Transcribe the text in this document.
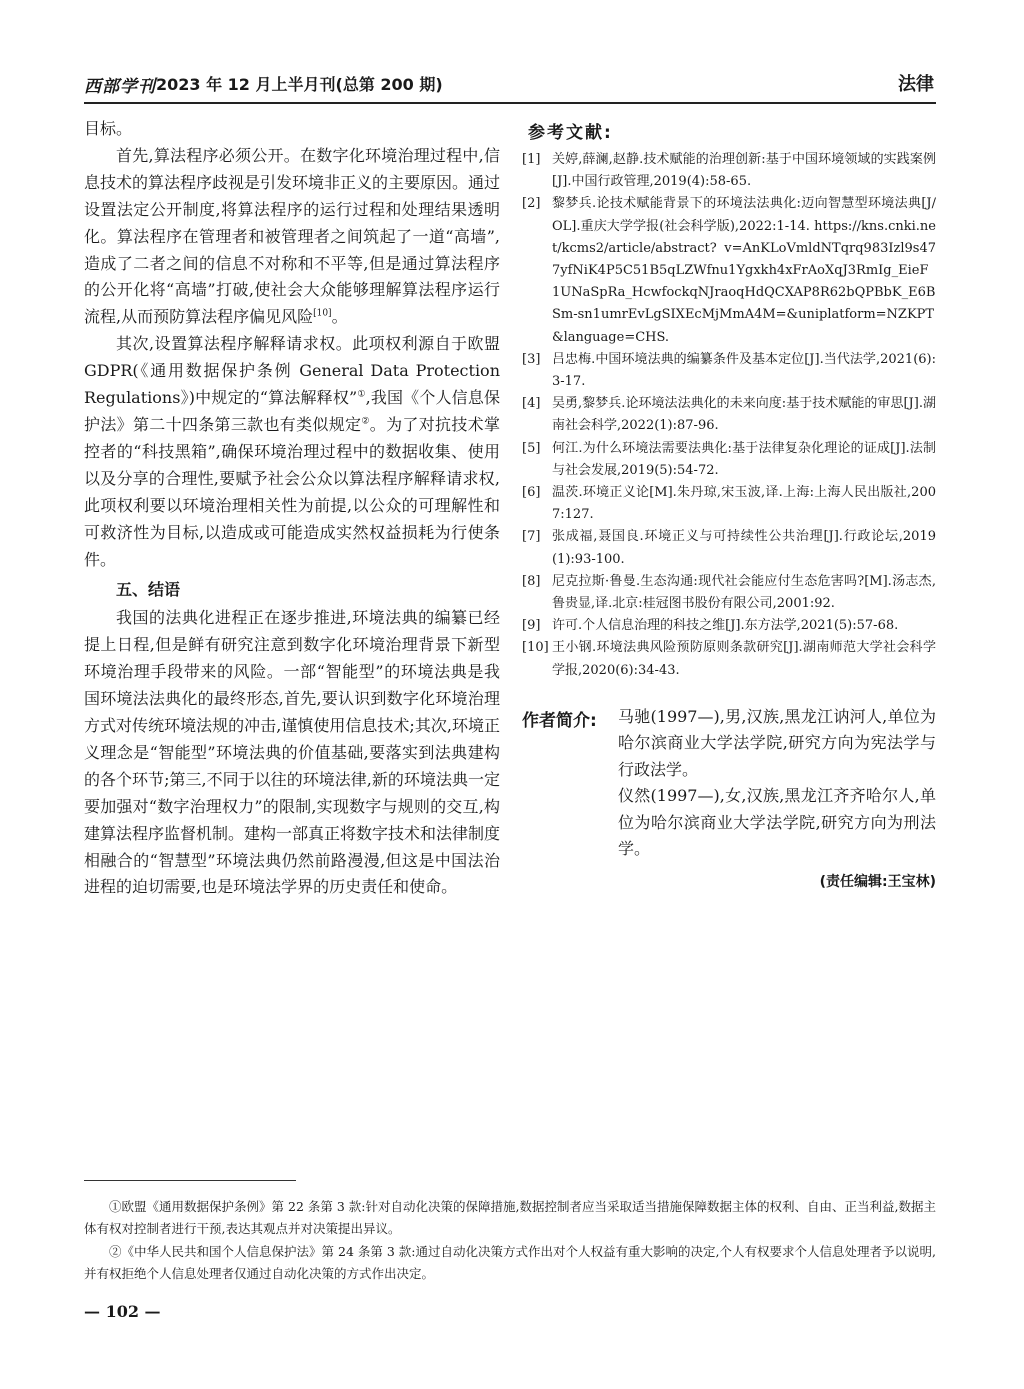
西部学刊 2023 年 12 月上半月刊(总第 200 期)	法律

目标。

首先,算法程序必须公开。在数字化环境治理过程中,信息技术的算法程序歧视是引发环境非正义的主要原因。通过设置法定公开制度,将算法程序的运行过程和处理结果透明化。算法程序在管理者和被管理者之间筑起了一道“高墙”,造成了二者之间的信息不对称和不平等,但是通过算法程序的公开化将“高墙”打破,使社会大众能够理解算法程序运行流程,从而预防算法程序偏见风险[10]。

其次,设置算法程序解释请求权。此项权利源自于欧盟 GDPR(《通用数据保护条例 General Data Protection Regulations》)中规定的“算法解释权”①,我国《个人信息保护法》第二十四条第三款也有类似规定②。为了对抗技术掌控者的“科技黑箱”,确保环境治理过程中的数据收集、使用以及分享的合理性,要赋予社会公众以算法程序解释请求权,此项权利要以环境治理相关性为前提,以公众的可理解性和可救济性为目标,以造成或可能造成实然权益损耗为行使条件。

五、结语

我国的法典化进程正在逐步推进,环境法典的编纂已经提上日程,但是鲜有研究注意到数字化环境治理背景下新型环境治理手段带来的风险。一部“智能型”的环境法典是我国环境法法典化的最终形态,首先,要认识到数字化环境治理方式对传统环境法规的冲击,谨慎使用信息技术;其次,环境正义理念是“智能型”环境法典的价值基础,要落实到法典建构的各个环节;第三,不同于以往的环境法律,新的环境法典一定要加强对“数字治理权力”的限制,实现数字与规则的交互,构建算法程序监督机制。建构一部真正将数字技术和法律制度相融合的“智慧型”环境法典仍然前路漫漫,但这是中国法治进程的迫切需要,也是环境法学界的历史责任和使命。

参考文献:
[1] 关婷,薛澜,赵静.技术赋能的治理创新:基于中国环境领域的实践案例[J].中国行政管理,2019(4):58-65.
[2] 黎梦兵.论技术赋能背景下的环境法法典化:迈向智慧型环境法典[J/OL].重庆大学学报(社会科学版),2022:1-14. https://kns.cnki.net/kcms2/article/abstract? v=AnKLoVmldNTqrq983Izl9s477yfNiK4P5C51B5qLZWfnu1Ygxkh4xFrAoXqJ3RmIg_EieF1UNaSpRa_HcwfockqNJraoqHdQCXAP8R62bQPBbK_E6BSm-sn1umrEvLgSIXEcMjMmA4M=&uniplatform=NZKPT&language=CHS.
[3] 吕忠梅.中国环境法典的编纂条件及基本定位[J].当代法学,2021(6):3-17.
[4] 吴勇,黎梦兵.论环境法法典化的未来向度:基于技术赋能的审思[J].湖南社会科学,2022(1):87-96.
[5] 何江.为什么环境法需要法典化:基于法律复杂化理论的证成[J].法制与社会发展,2019(5):54-72.
[6] 温茨.环境正义论[M].朱丹琼,宋玉波,译.上海:上海人民出版社,2007:127.
[7] 张成福,聂国良.环境正义与可持续性公共治理[J].行政论坛,2019(1):93-100.
[8] 尼克拉斯·鲁曼.生态沟通:现代社会能应付生态危害吗?[M].汤志杰,鲁贵显,译.北京:桂冠图书股份有限公司,2001:92.
[9] 许可.个人信息治理的科技之维[J].东方法学,2021(5):57-68.
[10] 王小钢.环境法典风险预防原则条款研究[J].湖南师范大学社会科学学报,2020(6):34-43.
作者简介: 马驰(1997—),男,汉族,黑龙江讷河人,单位为哈尔滨商业大学法学院,研究方向为宪法学与行政法学。

仪然(1997—),女,汉族,黑龙江齐齐哈尔人,单位为哈尔滨商业大学法学院,研究方向为刑法学。

(责任编辑:王宝林)

①欧盟《通用数据保护条例》第 22 条第 3 款:针对自动化决策的保障措施,数据控制者应当采取适当措施保障数据主体的权利、自由、正当利益,数据主体有权对控制者进行干预,表达其观点并对决策提出异议。

②《中华人民共和国个人信息保护法》第 24 条第 3 款:通过自动化决策方式作出对个人权益有重大影响的决定,个人有权要求个人信息处理者予以说明,并有权拒绝个人信息处理者仅通过自动化决策的方式作出决定。

— 102 —
